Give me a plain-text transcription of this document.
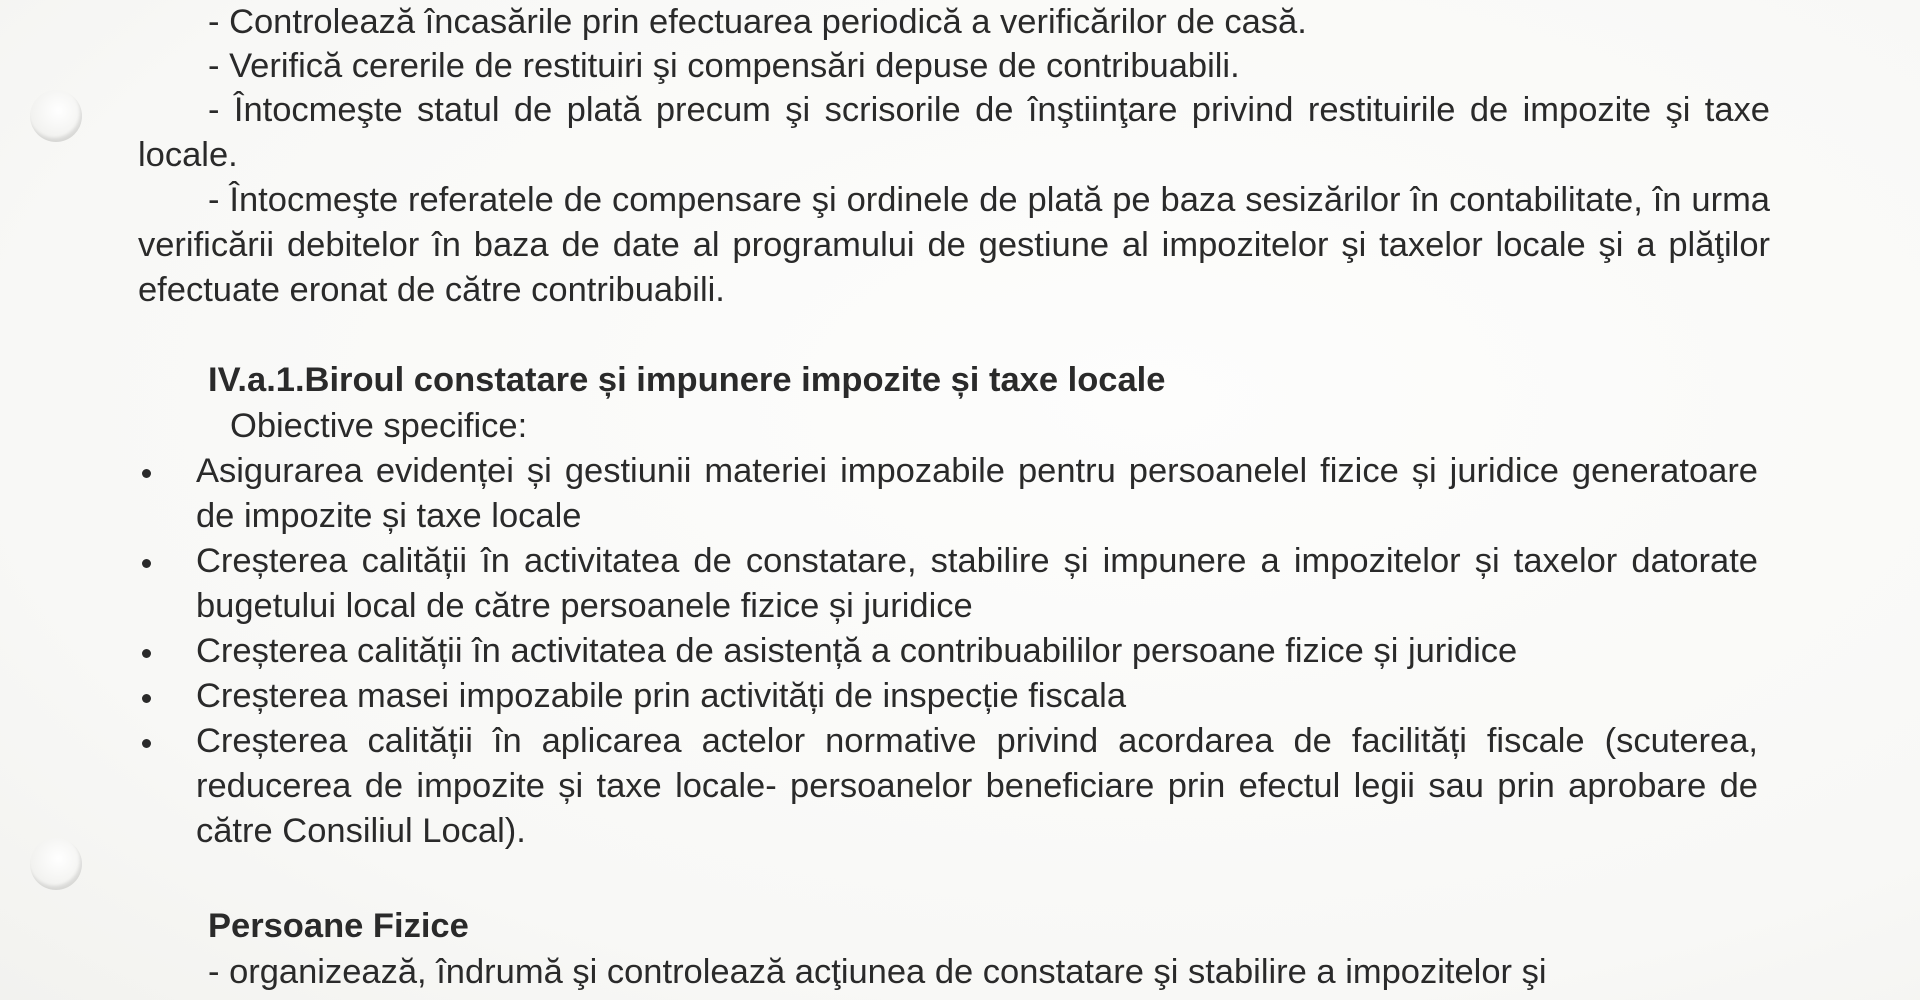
- Controlează încasările prin efectuarea periodică a verificărilor de casă.

- Verifică cererile de restituiri şi compensări depuse de contribuabili.

- Întocmeşte statul de plată precum şi scrisorile de înştiinţare privind restituirile de impozite şi taxe locale.

- Întocmeşte referatele de compensare şi ordinele de plată pe baza sesizărilor în contabilitate, în urma verificării debitelor în baza de date al programului de gestiune al impozitelor şi taxelor locale şi a plăţilor efectuate eronat de către contribuabili.

IV.a.1.Biroul constatare și impunere impozite și taxe locale

Obiective specifice:

Asigurarea evidenței și gestiunii materiei impozabile pentru persoanelel fizice și juridice generatoare de impozite și taxe locale
Creșterea calității în activitatea de constatare, stabilire și impunere a impozitelor și taxelor datorate bugetului local de către persoanele fizice și juridice
Creșterea calității în activitatea de asistență a contribuabililor persoane fizice și juridice
Creșterea masei impozabile prin activități de inspecție fiscala
Creșterea calității în aplicarea actelor normative privind acordarea de facilități fiscale (scuterea, reducerea de impozite și taxe locale- persoanelor beneficiare prin efectul legii sau prin aprobare de către Consiliul Local).

Persoane Fizice

- organizează, îndrumă şi controlează acţiunea de constatare şi stabilire a impozitelor şi
